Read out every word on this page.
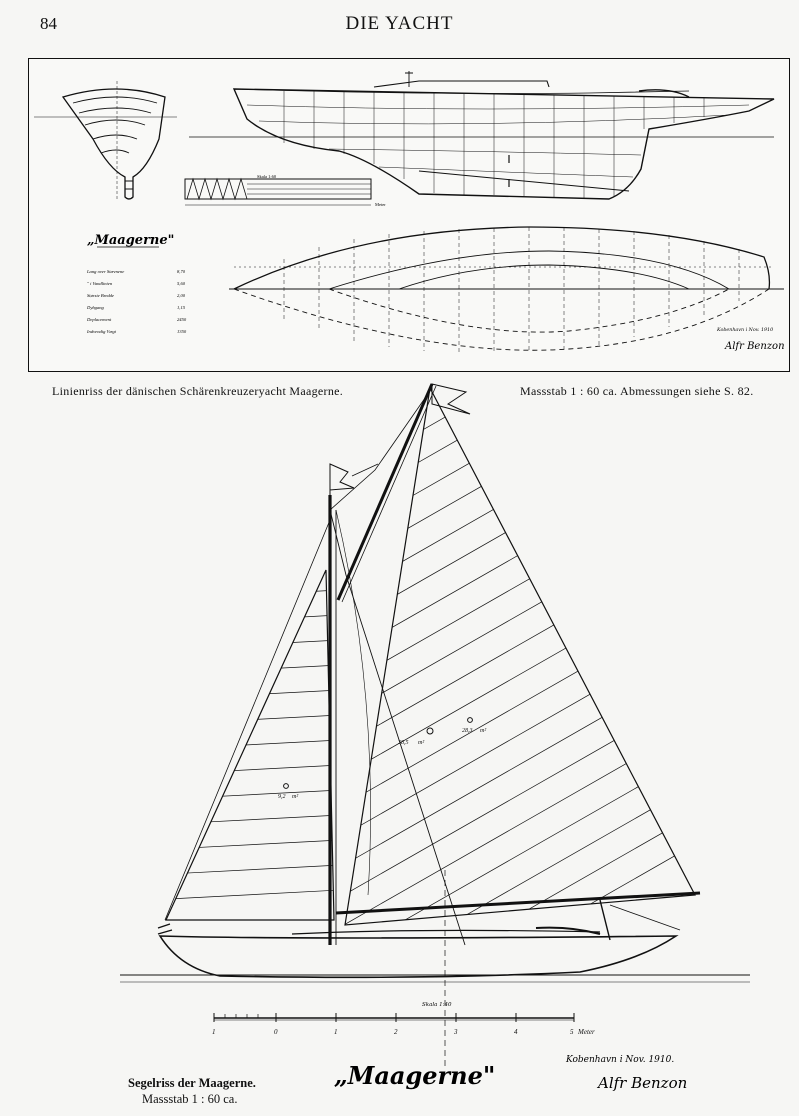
84	DIE YACHT
Skala 1:60
Meter
„Maagerne"
Lang over Stævnene	8,70
" i Vandlinien	5,60
Største Bredde	2,00
Dybgang	1,15
Deplacement	2450
Indvendig Vægt	1350	Kobenhavn i Nov. 1910
Alfr Benzon
Linienriss der dänischen Schärenkreuzeryacht Maagerne.	Massstab 1 : 60 ca. Abmessungen siehe S. 82.
38,5 m²
28,3 m²
9,2 m²
Skala 1:40
1	0	1	2	3	4	5 Meter
„Maagerne"
Kobenhavn i Nov. 1910.
Alfr Benzon
Segelriss der Maagerne.
Massstab 1 : 60 ca.
